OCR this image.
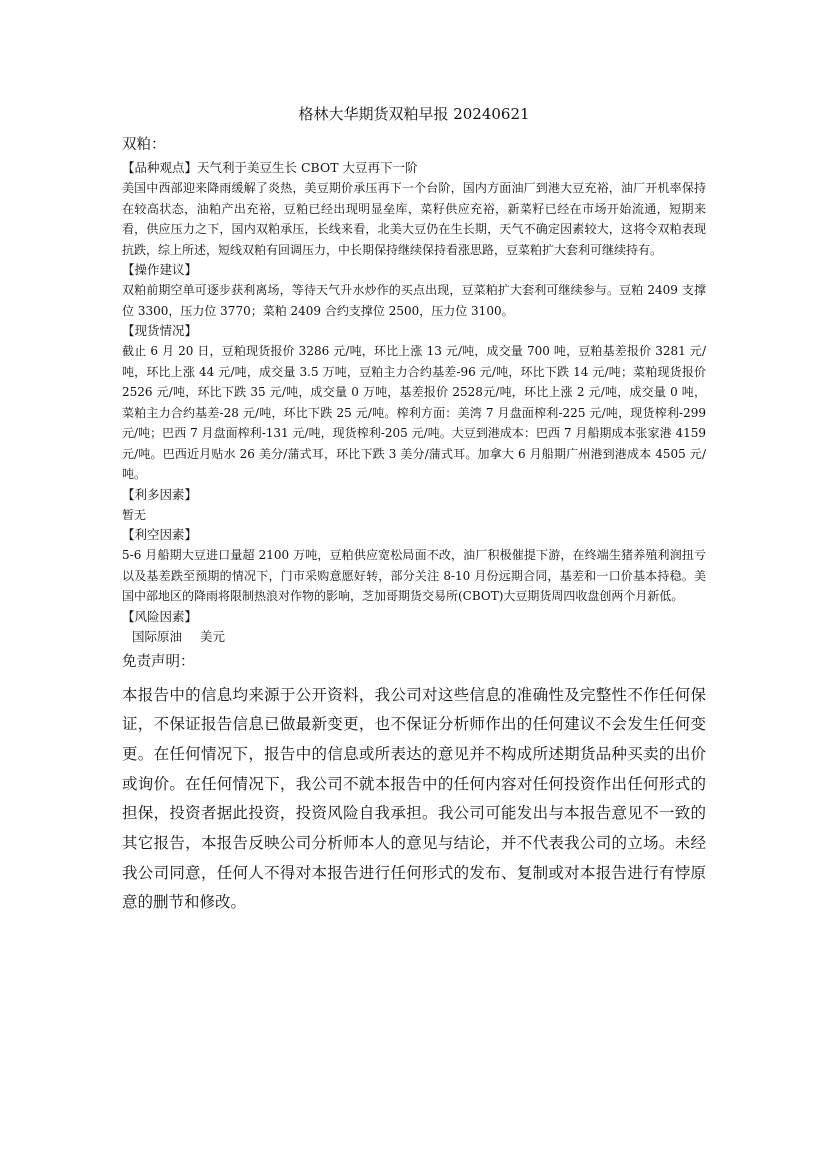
格林大华期货双粕早报 20240621
双粕：
【品种观点】天气利于美豆生长 CBOT 大豆再下一阶
美国中西部迎来降雨缓解了炎热，美豆期价承压再下一个台阶，国内方面油厂到港大豆充裕，油厂开机率保持在较高状态，油粕产出充裕，豆粕已经出现明显垒库，菜籽供应充裕，新菜籽已经在市场开始流通，短期来看，供应压力之下，国内双粕承压，长线来看，北美大豆仍在生长期，天气不确定因素较大，这将令双粕表现抗跌，综上所述，短线双粕有回调压力，中长期保持继续保持看涨思路，豆菜粕扩大套利可继续持有。
【操作建议】
双粕前期空单可逐步获利离场，等待天气升水炒作的买点出现，豆菜粕扩大套利可继续参与。豆粕 2409 支撑位 3300，压力位 3770；菜粕 2409 合约支撑位 2500，压力位 3100。
【现货情况】
截止 6 月 20 日，豆粕现货报价 3286 元/吨，环比上涨 13 元/吨，成交量 700 吨，豆粕基差报价 3281 元/吨，环比上涨 44 元/吨，成交量 3.5 万吨，豆粕主力合约基差-96 元/吨，环比下跌 14 元/吨；菜粕现货报价 2526 元/吨，环比下跌 35 元/吨，成交量 0 万吨，基差报价 2528元/吨，环比上涨 2 元/吨，成交量 0 吨，菜粕主力合约基差-28 元/吨，环比下跌 25 元/吨。榨利方面：美湾 7 月盘面榨利-225 元/吨，现货榨利-299 元/吨；巴西 7 月盘面榨利-131 元/吨，现货榨利-205 元/吨。大豆到港成本：巴西 7 月船期成本张家港 4159 元/吨。巴西近月贴水 26 美分/蒲式耳，环比下跌 3 美分/蒲式耳。加拿大 6 月船期广州港到港成本 4505 元/吨。
【利多因素】
暂无
【利空因素】
5-6 月船期大豆进口量超 2100 万吨，豆粕供应宽松局面不改，油厂积极催提下游，在终端生猪养殖利润扭亏以及基差跌至预期的情况下，门市采购意愿好转，部分关注 8-10 月份远期合同，基差和一口价基本持稳。美国中部地区的降雨将限制热浪对作物的影响，芝加哥期货交易所(CBOT)大豆期货周四收盘创两个月新低。
【风险因素】
国际原油 美元
免责声明：
本报告中的信息均来源于公开资料，我公司对这些信息的准确性及完整性不作任何保证，不保证报告信息已做最新变更，也不保证分析师作出的任何建议不会发生任何变更。在任何情况下，报告中的信息或所表达的意见并不构成所述期货品种买卖的出价或询价。在任何情况下，我公司不就本报告中的任何内容对任何投资作出任何形式的担保，投资者据此投资，投资风险自我承担。我公司可能发出与本报告意见不一致的其它报告，本报告反映公司分析师本人的意见与结论，并不代表我公司的立场。未经我公司同意，任何人不得对本报告进行任何形式的发布、复制或对本报告进行有悖原意的删节和修改。
